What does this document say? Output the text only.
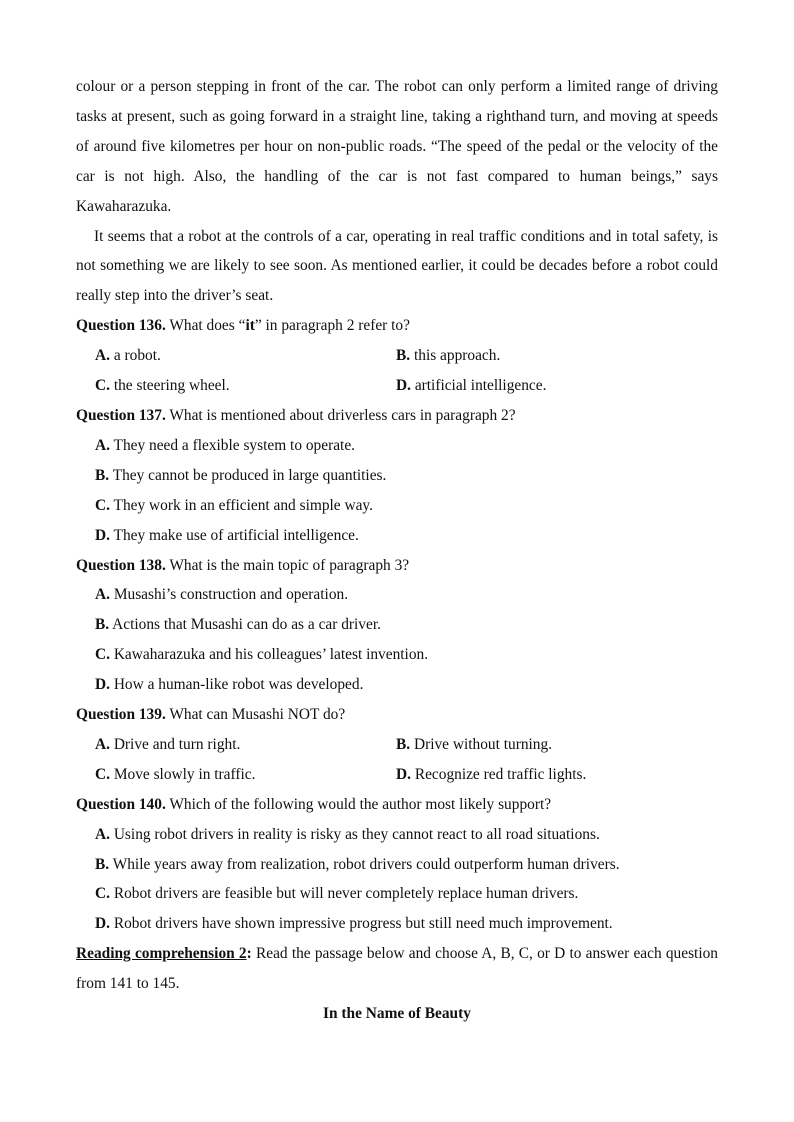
colour or a person stepping in front of the car. The robot can only perform a limited range of driving tasks at present, such as going forward in a straight line, taking a righthand turn, and moving at speeds of around five kilometres per hour on non-public roads. “The speed of the pedal or the velocity of the car is not high. Also, the handling of the car is not fast compared to human beings,” says Kawaharazuka.

It seems that a robot at the controls of a car, operating in real traffic conditions and in total safety, is not something we are likely to see soon. As mentioned earlier, it could be decades before a robot could really step into the driver’s seat.

Question 136. What does “it” in paragraph 2 refer to?

A. a robot.	B. this approach.
C. the steering wheel.	D. artificial intelligence.

Question 137. What is mentioned about driverless cars in paragraph 2?

A. They need a flexible system to operate.

B. They cannot be produced in large quantities.

C. They work in an efficient and simple way.

D. They make use of artificial intelligence.

Question 138. What is the main topic of paragraph 3?

A. Musashi’s construction and operation.

B. Actions that Musashi can do as a car driver.

C. Kawaharazuka and his colleagues’ latest invention.

D. How a human-like robot was developed.

Question 139. What can Musashi NOT do?

A. Drive and turn right.	B. Drive without turning.
C. Move slowly in traffic.	D. Recognize red traffic lights.

Question 140. Which of the following would the author most likely support?

A. Using robot drivers in reality is risky as they cannot react to all road situations.

B. While years away from realization, robot drivers could outperform human drivers.

C. Robot drivers are feasible but will never completely replace human drivers.

D. Robot drivers have shown impressive progress but still need much improvement.

Reading comprehension 2: Read the passage below and choose A, B, C, or D to answer each question from 141 to 145.

In the Name of Beauty
